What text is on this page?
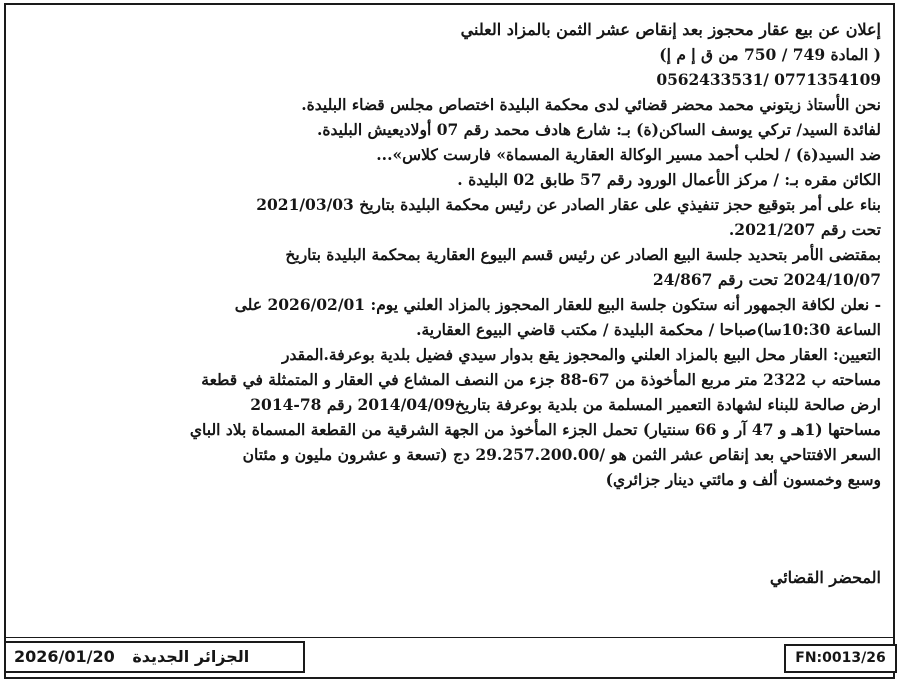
إعلان عن بيع عقار محجوز بعد إنقاص عشر الثمن بالمزاد العلني
( المادة 749 / 750 من ق إ م إ)
0771354109 /0562433531
نحن الأستاذ زيتوني محمد محضر قضائي لدى محكمة البليدة اختصاص مجلس قضاء البليدة.
لفائدة السيد/ تركي يوسف الساكن(ة) بـ: شارع هادف محمد رقم 07 أولاديعيش البليدة.
ضد السيد(ة) / لحلب أحمد مسير الوكالة العقارية المسماة» فارست كلاس»...
الكائن مقره بـ: / مركز الأعمال الورود رقم 57 طابق 02 البليدة .
بناء على أمر بتوقيع حجز تنفيذي على عقار الصادر عن رئيس محكمة البليدة بتاريخ 2021/03/03
تحت رقم 2021/207.
بمقتضى الأمر بتحديد جلسة البيع الصادر عن رئيس قسم البيوع العقارية بمحكمة البليدة بتاريخ
2024/10/07 تحت رقم 24/867
- نعلن لكافة الجمهور أنه ستكون جلسة البيع للعقار المحجوز بالمزاد العلني يوم: 2026/02/01 على
الساعة 10:30سا)صباحا / محكمة البليدة / مكتب قاضي البيوع العقارية.
التعيين: العقار محل البيع بالمزاد العلني والمحجوز يقع بدوار سيدي فضيل بلدية بوعرفة.المقدر
مساحته ب 2322 متر مربع المأخوذة من 67-88 جزء من النصف المشاع في العقار و المتمثلة في قطعة
ارض صالحة للبناء لشهادة التعمير المسلمة من بلدية بوعرفة بتاريخ2014/04/09 رقم 78-2014
مساحتها (1هـ و 47 آر و 66 سنتيار) تحمل الجزء المأخوذ من الجهة الشرقية من القطعة المسماة بلاد الباي
السعر الافتتاحي بعد إنقاص عشر الثمن هو /29.257.200.00 دج (تسعة و عشرون مليون و مئتان
وسبع وخمسون ألف و مائتي دينار جزائري)
المحضر القضائي
2026/01/20 الجزائر الجديدة	FN:0013/26
